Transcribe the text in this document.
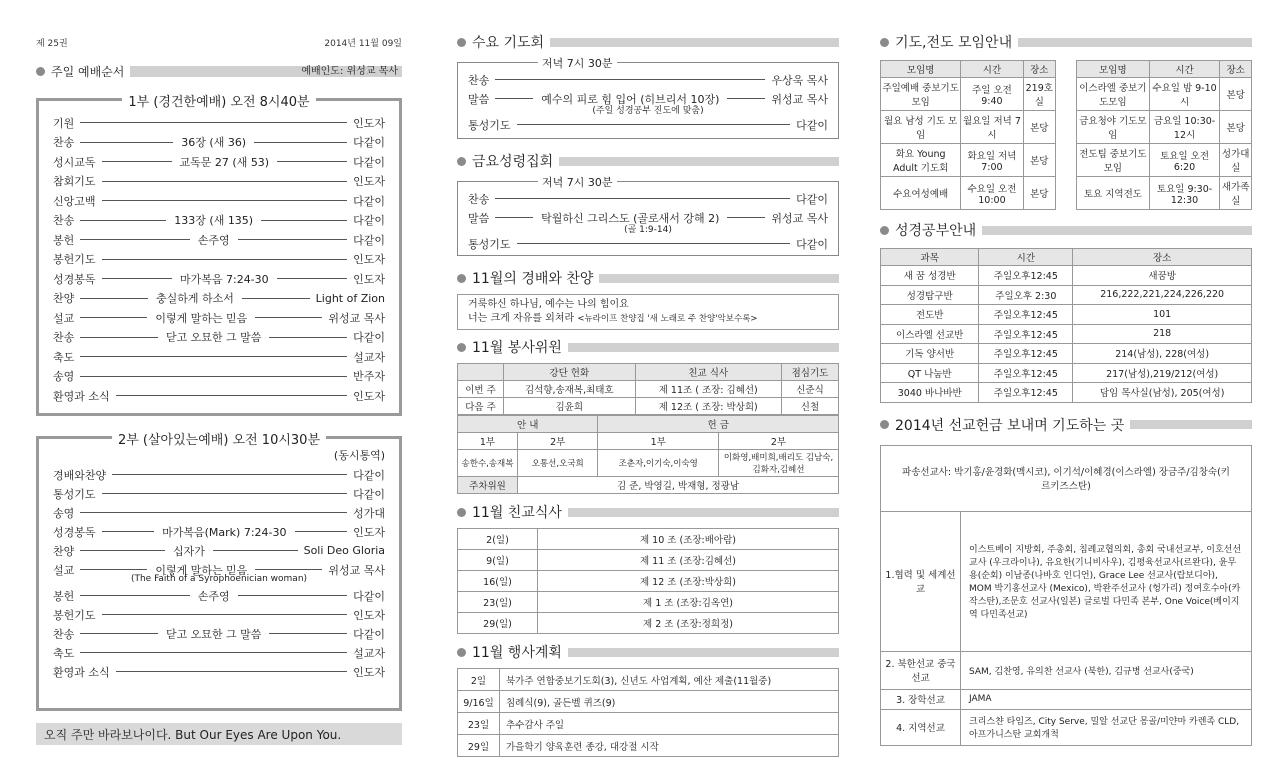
제 25권	2014년 11월 09일
주일 예배순서	예배인도: 위성교 목사
1부 (경건한예배) 오전 8시40분
기원	인도자
찬송	36장 (새 36)	다같이
성시교독	교독문 27 (새 53)	다같이
참회기도	인도자
신앙고백	다같이
찬송	133장 (새 135)	다같이
봉헌	손주영	다같이
봉헌기도	인도자
성경봉독	마가복음 7:24-30	인도자
찬양	충실하게 하소서	Light of Zion
설교	이렇게 말하는 믿음	위성교 목사
찬송	닫고 오묘한 그 말씀	다같이
축도	설교자
송영	반주자
환영과 소식	인도자
2부 (살아있는예배) 오전 10시30분
(동시통역)
경배와찬양	다같이
통성기도	다같이
송영	성가대
성경봉독	마가복음(Mark) 7:24-30	인도자
찬양	십자가	Soli Deo Gloria
설교	이렇게 말하는 믿음	위성교 목사
(The Faith of a Syrophoenician woman)
봉헌	손주영	다같이
봉헌기도	인도자
찬송	닫고 오묘한 그 말씀	다같이
축도	설교자
환영과 소식	인도자
오직 주만 바라보나이다. But Our Eyes Are Upon You.
수요 기도회
저녁 7시 30분
찬송	우상욱 목사
말씀	예수의 피로 힘 입어 (히브리서 10장)	위성교 목사
(주일 성경공부 진도에 맞춤)
통성기도	다같이
금요성령집회
저녁 7시 30분
찬송	다같이
말씀	탁월하신 그리스도 (골로새서 강해 2)	위성교 목사
(골 1:9-14)
통성기도	다같이
11월의 경배와 찬양
거룩하신 하나님, 예수는 나의 힘이요
너는 크게 자유를 외쳐라 <뉴라이프 찬양집 '새 노래로 주 찬양'악보수록>
11월 봉사위원
	강단 헌화	친교 식사	점심기도
이번 주	김석향,송재복,최태호	제 11조 ( 조장: 김혜선)	신준식
다음 주	김윤희	제 12조 ( 조장: 박상희)	신철
안 내		헌 금	
1부	2부	1부	2부
송한수,송재복	오통선,오국희	조춘자,이기숙,이숙영	이화영,배미희,배리도 김남숙,김화자,김혜선
주차위원	김 준, 박영길, 박재형, 정광남		
11월 친교식사
2(일)	제 10 조 (조장:배아람)
9(일)	제 11 조 (조장:김혜선)
16(일)	제 12 조 (조장:박상희)
23(일)	제 1 조 (조장:김옥연)
29(일)	제 2 조 (조장:정희정)
11월 행사계획
2일	북가주 연합중보기도회(3), 신년도 사업계획, 예산 제출(11월중)
9/16일	침례식(9), 골든벨 퀴즈(9)
23일	추수감사 주일
29일	가을학기 양육훈련 종강, 대강절 시작
기도,전도 모임안내
모임명	시간	장소
주일예배 중보기도모임	주일 오전 9:40	219호실
월요 남성 기도 모임	월요일 저녁 7시	본당
화요 Young Adult 기도회	화요일 저녁7:00	본당
수요여성예배	수요일 오전 10:00	본당
모임명	시간	장소
이스라엘 중보기도모임	수요일 밤 9-10시	본당
금요청야 기도모임	금요일 10:30-12시	본당
전도팀 중보기도모임	토요일 오전 6:20	성가대실
토요 지역전도	토요일 9:30-12:30	새가족실
성경공부안내
과목	시간	장소
새 꿈 성경반	주일오후12:45	새꿈방
성경탐구반	주일오후 2:30	216,222,221,224,226,220
전도반	주일오후12:45	101
이스라엘 선교반	주일오후12:45	218
기독 양서반	주일오후12:45	214(남성), 228(여성)
QT 나눔반	주일오후12:45	217(남성),219/212(여성)
3040 바나바반	주일오후12:45	담임 목사실(남성), 205(여성)
2014년 선교헌금 보내며 기도하는 곳
파송선교사: 박기홍/윤경화(멕시코), 이기석/이혜경(이스라엘) 장금주/김창숙(키르키즈스탄)	
1.협력 및 세계선교	이스트베이 지방회, 주총회, 침례교협의회, 총회 국내선교부, 이호선선교사 (우크라이나), 유요한(기니비사우), 김평육선교사(르완다), 윤무용(순회) 이남종(나바호 인디언), Grace Lee 선교사(랍보디아), MOM 박기홍선교사 (Mexico), 박완주선교사 (헝가리) 정여호수아(카작스탄),조문호 선교사(일본) 글로벌 다민족 본부, One Voice(베이지역 다민족선교)
2. 북한선교 중국선교	SAM, 김찬영, 유의찬 선교사 (북한), 김규병 선교사(중국)
3. 장학선교	JAMA
4. 지역선교	크리스챤 타임즈, City Serve, 밀알 선교단 몽골/미얀마 카렌족 CLD, 아프가니스탄 교회개척
